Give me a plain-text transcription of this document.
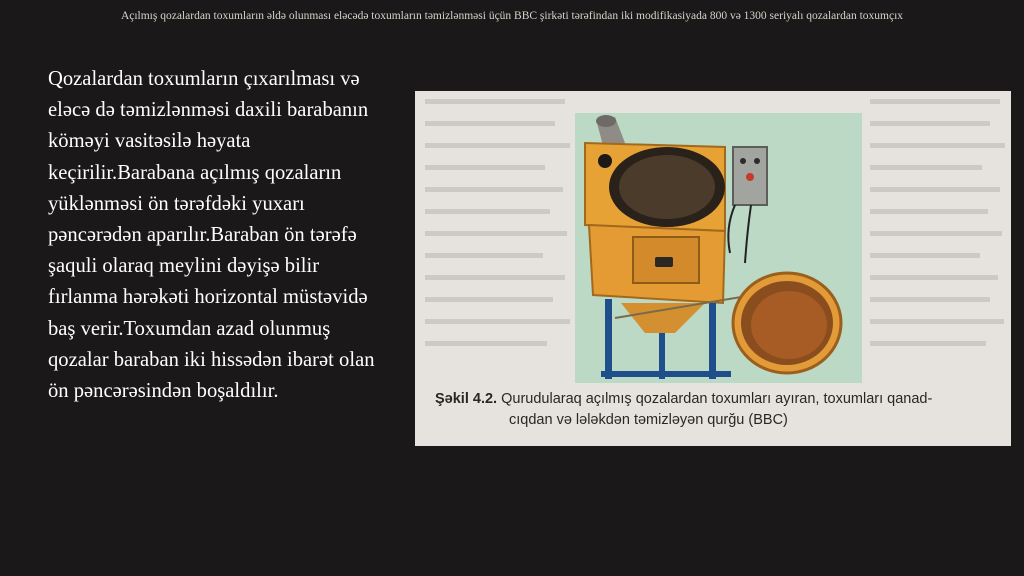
Açılmış qozalardan toxumların əldə olunması eləcədə toxumların təmizlənməsi üçün BBC şirkəti tərəfindan iki modifikasiyada 800 və 1300 seriyalı qozalardan toxumçıx

Qozalardan toxumların çıxarılması və eləcə də təmizlənməsi daxili barabanın köməyi vasitəsilə həyata keçirilir.Barabana açılmış qozaların yüklənməsi ön tərəfdəki yuxarı pəncərədən aparılır.Baraban ön tərəfə şaquli olaraq meylini dəyişə bilir fırlanma hərəkəti horizontal müstəvidə baş verir.Toxumdan azad olunmuş qozalar baraban iki hissədən ibarət olan ön pəncərəsindən boşaldılır.	Şəkil 4.2. Qurudularaq açılmış qozalardan toxumları ayıran, toxumları qanad-
cıqdan və lələkdən təmizləyən qurğu (BBC)
